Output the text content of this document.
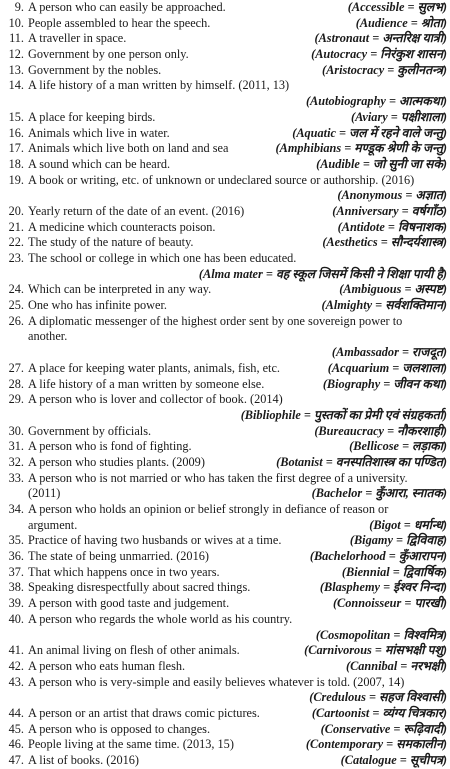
9. A person who can easily be approached.	(Accessible = सुलभ)
10. People assembled to hear the speech.	(Audience = श्रोता)
11. A traveller in space.	(Astronaut = अन्तरिक्ष यात्री)
12. Government by one person only.	(Autocracy = निरंकुश शासन)
13. Government by the nobles.	(Aristocracy = कुलीनतन्त्र)
14. A life history of a man written by himself. (2011, 13)
(Autobiography = आत्मकथा)
15. A place for keeping birds.	(Aviary = पक्षीशाला)
16. Animals which live in water.	(Aquatic = जल में रहने वाले जन्तु)
17. Animals which live both on land and sea	(Amphibians = मण्डूक श्रेणी के जन्तु)
18. A sound which can be heard.	(Audible = जो सुनी जा सके)
19. A book or writing, etc. of unknown or undeclared source or authorship. (2016)
(Anonymous = अज्ञात)
20. Yearly return of the date of an event. (2016)	(Anniversary = वर्षगाँठ)
21. A medicine which counteracts poison.	(Antidote = विषनाशक)
22. The study of the nature of beauty.	(Aesthetics = सौन्दर्यशास्त्र)
23. The school or college in which one has been educated.
(Alma mater = वह स्कूल जिसमें किसी ने शिक्षा पायी है)
24. Which can be interpreted in any way.	(Ambiguous = अस्पष्ट)
25. One who has infinite power.	(Almighty = सर्वशक्तिमान)
26. A diplomatic messenger of the highest order sent by one sovereign power to
another.
(Ambassador = राजदूत)
27. A place for keeping water plants, animals, fish, etc.	(Acquarium = जलशाला)
28. A life history of a man written by someone else.	(Biography = जीवन कथा)
29. A person who is lover and collector of book. (2014)
(Bibliophile = पुस्तकों का प्रेमी एवं संग्रहकर्ता)
30. Government by officials.	(Bureaucracy = नौकरशाही)
31. A person who is fond of fighting.	(Bellicose = लड़ाका)
32. A person who studies plants. (2009)	(Botanist = वनस्पतिशास्त्र का पण्डित)
33. A person who is not married or who has taken the first degree of a university.
(2011)	(Bachelor = कुँआरा, स्नातक)
34. A person who holds an opinion or belief strongly in defiance of reason or
argument.	(Bigot = धर्मान्ध)
35. Practice of having two husbands or wives at a time.	(Bigamy = द्विविवाह)
36. The state of being unmarried. (2016)	(Bachelorhood = कुँआरापन)
37. That which happens once in two years.	(Biennial = द्विवार्षिक)
38. Speaking disrespectfully about sacred things.	(Blasphemy = ईश्वर निन्दा)
39. A person with good taste and judgement.	(Connoisseur = पारखी)
40. A person who regards the whole world as his country.
(Cosmopolitan = विश्वमित्र)
41. An animal living on flesh of other animals.	(Carnivorous = मांसभक्षी पशु)
42. A person who eats human flesh.	(Cannibal = नरभक्षी)
43. A person who is very-simple and easily believes whatever is told. (2007, 14)
(Credulous = सहज विश्वासी)
44. A person or an artist that draws comic pictures.	(Cartoonist = व्यंग्य चित्रकार)
45. A person who is opposed to changes.	(Conservative = रूढ़िवादी)
46. People living at the same time. (2013, 15)	(Contemporary = समकालीन)
47. A list of books. (2016)	(Catalogue = सूचीपत्र)
